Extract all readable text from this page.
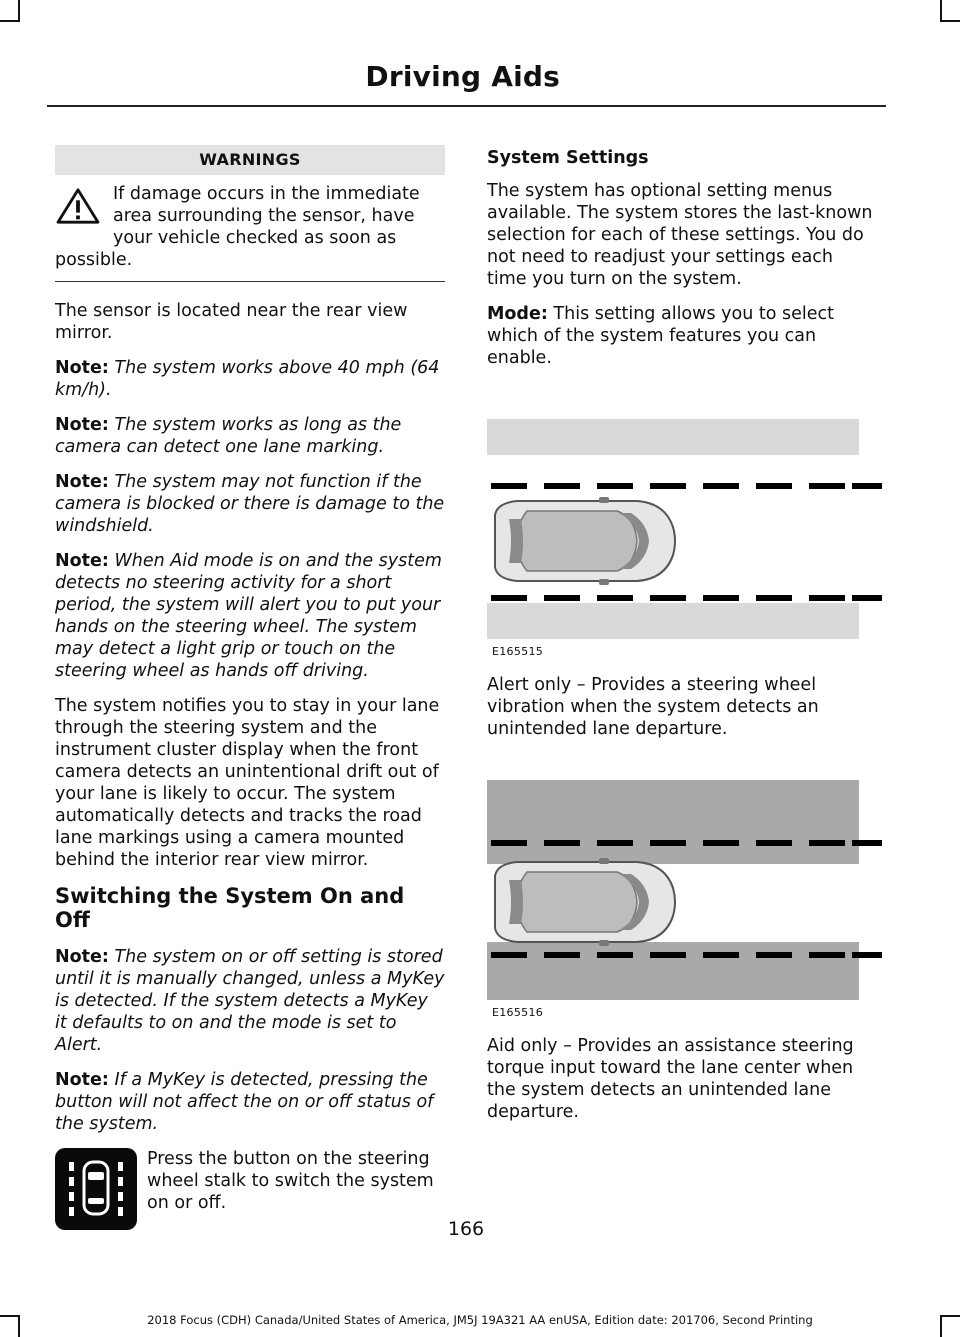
Driving Aids
WARNINGS
If damage occurs in the immediate area surrounding the sensor, have your vehicle checked as soon as possible.

The sensor is located near the rear view mirror.

Note: The system works above 40 mph (64 km/h).

Note: The system works as long as the camera can detect one lane marking.

Note: The system may not function if the camera is blocked or there is damage to the windshield.

Note: When Aid mode is on and the system detects no steering activity for a short period, the system will alert you to put your hands on the steering wheel. The system may detect a light grip or touch on the steering wheel as hands off driving.

The system notifies you to stay in your lane through the steering system and the instrument cluster display when the front camera detects an unintentional drift out of your lane is likely to occur. The system automatically detects and tracks the road lane markings using a camera mounted behind the interior rear view mirror.

Switching the System On and Off

Note: The system on or off setting is stored until it is manually changed, unless a MyKey is detected. If the system detects a MyKey it defaults to on and the mode is set to Alert.

Note: If a MyKey is detected, pressing the button will not affect the on or off status of the system.

Press the button on the steering wheel stalk to switch the system on or off.

System Settings

The system has optional setting menus available. The system stores the last-known selection for each of these settings. You do not need to readjust your settings each time you turn on the system.

Mode: This setting allows you to select which of the system features you can enable.

E165515

Alert only – Provides a steering wheel vibration when the system detects an unintended lane departure.

E165516

Aid only – Provides an assistance steering torque input toward the lane center when the system detects an unintended lane departure.

166
2018 Focus (CDH) Canada/United States of America, JM5J 19A321 AA enUSA, Edition date: 201706, Second Printing
